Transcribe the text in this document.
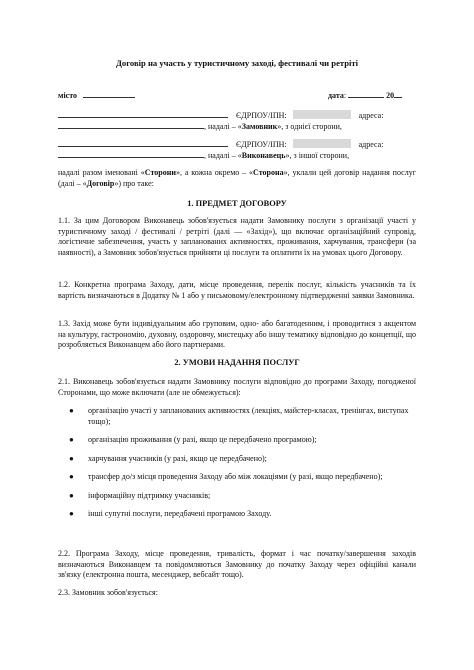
Договір на участь у туристичному заході, фестивалі чи ретріті
місто	дата:	20
ЄДРПОУ/ІПН:	адреса:
, надалі – «Замовник», з однієї сторони,
ЄДРПОУ/ІПН:	адреса:
, надалі – «Виконавець», з іншої сторони,
надалі разом іменовані «Сторони», а кожна окремо – «Сторона», уклали цей договір надання послуг (далі – «Договір») про таке:
1. ПРЕДМЕТ ДОГОВОРУ
1.1. За цим Договором Виконавець зобов'язується надати Замовнику послуги з організації участі у туристичному заході / фестивалі / ретріті (далі — «Захід»), що включає організаційний супровід, логістичне забезпечення, участь у запланованих активностях, проживання, харчування, трансфери (за наявності), а Замовник зобов'язується прийняти ці послуги та оплатити їх на умовах цього Договору.
1.2. Конкретна програма Заходу, дати, місце проведення, перелік послуг, кількість учасників та їх вартість визначаються в Додатку № 1 або у письмовому/електронному підтвердженні заявки Замовника.
1.3. Захід може бути індивідуальним або груповим, одно- або багатоденним, і проводитися з акцентом на культуру, гастрономію, духовну, оздоровчу, мистецьку або іншу тематику відповідно до концепції, що розробляється Виконавцем або його партнерами.
2. УМОВИ НАДАННЯ ПОСЛУГ
2.1. Виконавець зобов'язується надати Замовнику послуги відповідно до програми Заходу, погодженої Сторонами, що може включати (але не обмежується):
● організацію участі у запланованих активностях (лекціях, майстер-класах, тренінгах, виступах тощо);
● організацію проживання (у разі, якщо це передбачено програмою);
● харчування учасників (у разі, якщо це передбачено);
● трансфер до/з місця проведення Заходу або між локаціями (у разі, якщо передбачено);
● інформаційну підтримку учасників;
● інші супутні послуги, передбачені програмою Заходу.
2.2. Програма Заходу, місце проведення, тривалість, формат і час початку/завершення заходів визначаються Виконавцем та повідомляються Замовнику до початку Заходу через офіційні канали зв'язку (електронна пошта, месенджер, вебсайт тощо).
2.3. Замовник зобов'язується:
